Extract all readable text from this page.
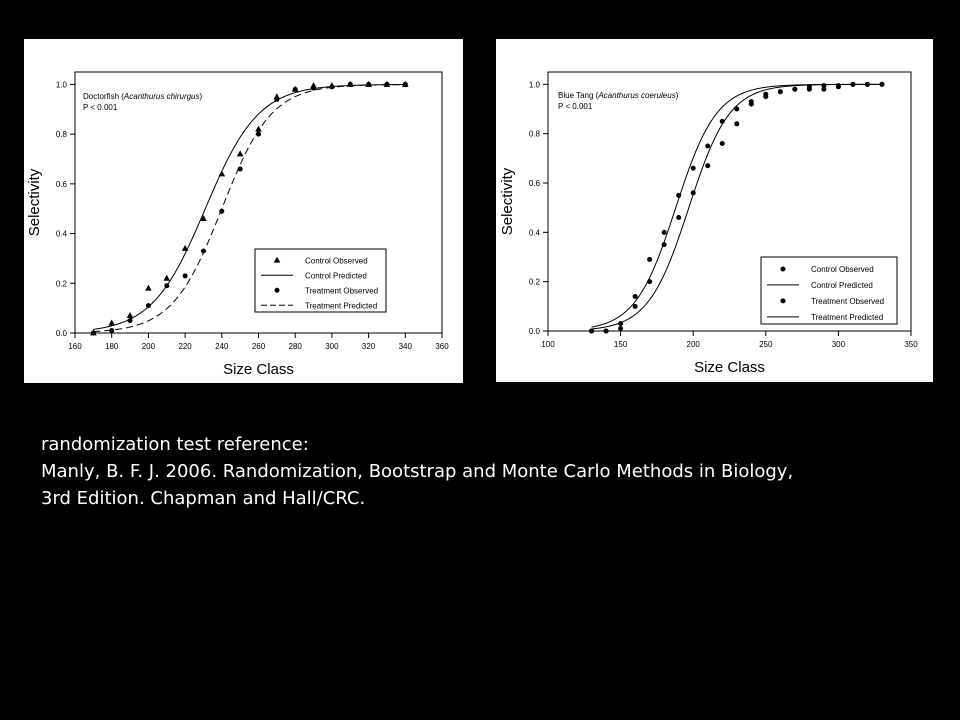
160	180	200	220	240	260	280	300	320	340	360
0.0
0.2
0.4
0.6
0.8
1.0
Size Class
Selectivity
Doctorfish (Acanthurus chirurgus)
P < 0.001
Control Observed
Control Predicted
Treatment Observed
Treatment Predicted
100	150	200	250	300	350
0.0
0.2
0.4
0.6
0.8
1.0
Size Class
Selectivity
Blue Tang (Acanthurus coeruleus)
P < 0.001
Control Observed
Control Predicted
Treatment Observed
Treatment Predicted
randomization test reference:
Manly, B. F. J. 2006. Randomization, Bootstrap and Monte Carlo Methods in Biology,
3rd Edition. Chapman and Hall/CRC.
